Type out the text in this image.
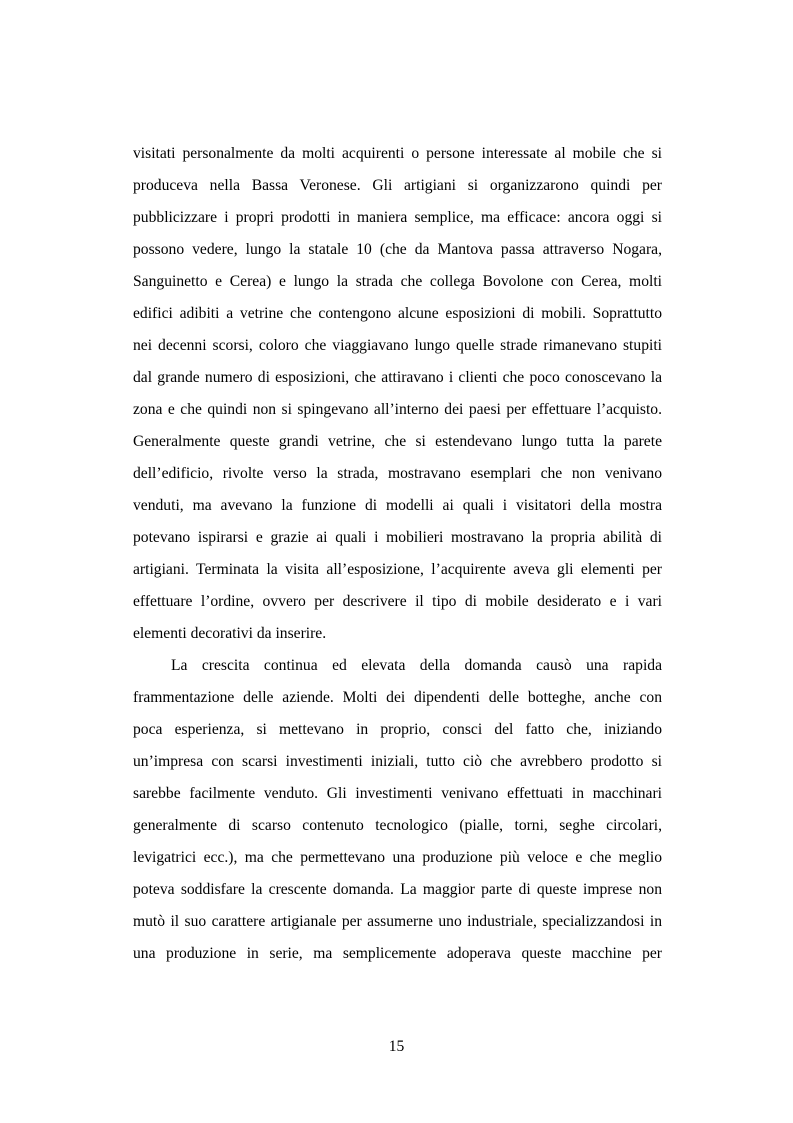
visitati personalmente da molti acquirenti o persone interessate al mobile che si
produceva nella Bassa Veronese. Gli artigiani si organizzarono quindi per
pubblicizzare i propri prodotti in maniera semplice, ma efficace: ancora oggi si
possono vedere, lungo la statale 10 (che da Mantova passa attraverso Nogara,
Sanguinetto e Cerea) e lungo la strada che collega Bovolone con Cerea, molti
edifici adibiti a vetrine che contengono alcune esposizioni di mobili. Soprattutto
nei decenni scorsi, coloro che viaggiavano lungo quelle strade rimanevano stupiti
dal grande numero di esposizioni, che attiravano i clienti che poco conoscevano la
zona e che quindi non si spingevano all’interno dei paesi per effettuare l’acquisto.
Generalmente queste grandi vetrine, che si estendevano lungo tutta la parete
dell’edificio, rivolte verso la strada, mostravano esemplari che non venivano
venduti, ma avevano la funzione di modelli ai quali i visitatori della mostra
potevano ispirarsi e grazie ai quali i mobilieri mostravano la propria abilità di
artigiani. Terminata la visita all’esposizione, l’acquirente aveva gli elementi per
effettuare l’ordine, ovvero per descrivere il tipo di mobile desiderato e i vari
elementi decorativi da inserire.
La crescita continua ed elevata della domanda causò una rapida
frammentazione delle aziende. Molti dei dipendenti delle botteghe, anche con
poca esperienza, si mettevano in proprio, consci del fatto che, iniziando
un’impresa con scarsi investimenti iniziali, tutto ciò che avrebbero prodotto si
sarebbe facilmente venduto. Gli investimenti venivano effettuati in macchinari
generalmente di scarso contenuto tecnologico (pialle, torni, seghe circolari,
levigatrici ecc.), ma che permettevano una produzione più veloce e che meglio
poteva soddisfare la crescente domanda. La maggior parte di queste imprese non
mutò il suo carattere artigianale per assumerne uno industriale, specializzandosi in
una produzione in serie, ma semplicemente adoperava queste macchine per
15
